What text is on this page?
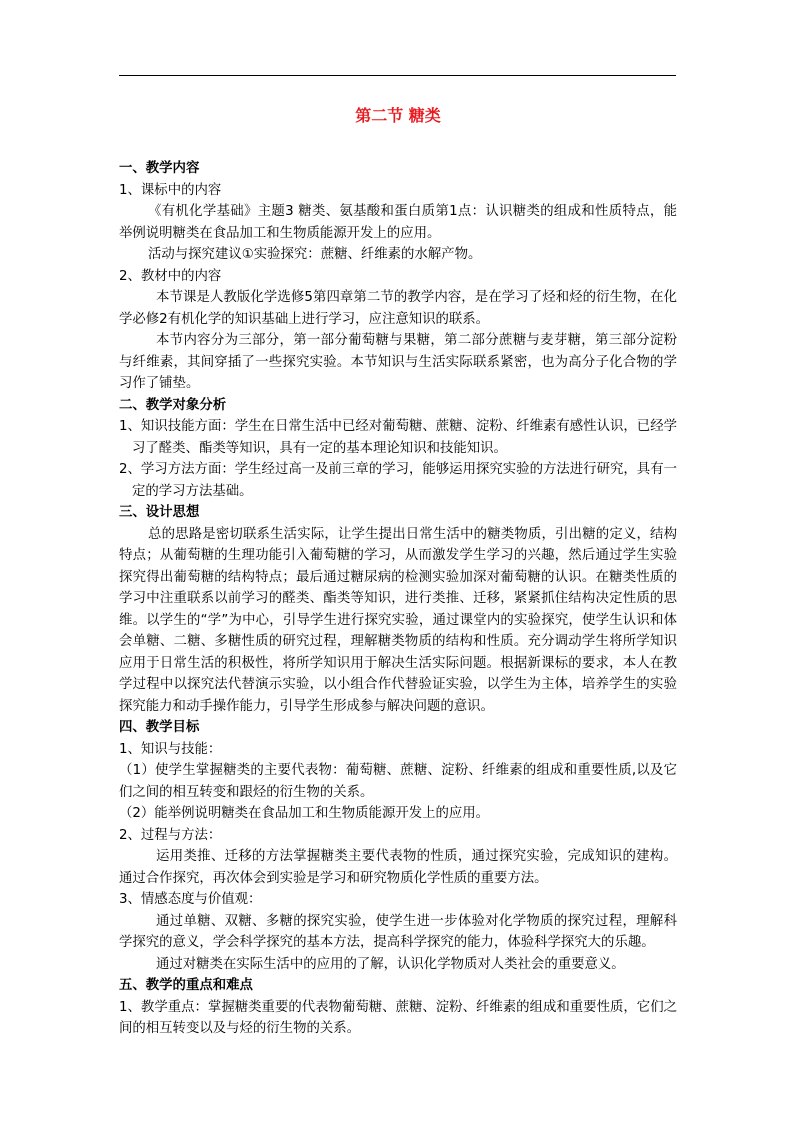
第二节 糖类
一、教学内容
1、课标中的内容
《有机化学基础》主题3 糖类、氨基酸和蛋白质第1点：认识糖类的组成和性质特点，能举例说明糖类在食品加工和生物质能源开发上的应用。
活动与探究建议①实验探究：蔗糖、纤维素的水解产物。
2、教材中的内容
本节课是人教版化学选修5第四章第二节的教学内容，是在学习了烃和烃的衍生物，在化学必修2有机化学的知识基础上进行学习，应注意知识的联系。
本节内容分为三部分，第一部分葡萄糖与果糖，第二部分蔗糖与麦芽糖，第三部分淀粉与纤维素，其间穿插了一些探究实验。本节知识与生活实际联系紧密，也为高分子化合物的学习作了铺垫。
二、教学对象分析
1、知识技能方面：学生在日常生活中已经对葡萄糖、蔗糖、淀粉、纤维素有感性认识，已经学习了醛类、酯类等知识，具有一定的基本理论知识和技能知识。
2、学习方法方面：学生经过高一及前三章的学习，能够运用探究实验的方法进行研究，具有一定的学习方法基础。
三、设计思想
总的思路是密切联系生活实际，让学生提出日常生活中的糖类物质，引出糖的定义，结构特点；从葡萄糖的生理功能引入葡萄糖的学习，从而激发学生学习的兴趣，然后通过学生实验探究得出葡萄糖的结构特点；最后通过糖尿病的检测实验加深对葡萄糖的认识。在糖类性质的学习中注重联系以前学习的醛类、酯类等知识，进行类推、迁移，紧紧抓住结构决定性质的思维。以学生的“学”为中心，引导学生进行探究实验，通过课堂内的实验探究，使学生认识和体会单糖、二糖、多糖性质的研究过程，理解糖类物质的结构和性质。充分调动学生将所学知识应用于日常生活的积极性，将所学知识用于解决生活实际问题。根据新课标的要求，本人在教学过程中以探究法代替演示实验，以小组合作代替验证实验，以学生为主体，培养学生的实验探究能力和动手操作能力，引导学生形成参与解决问题的意识。
四、教学目标
1、知识与技能：
（1）使学生掌握糖类的主要代表物：葡萄糖、蔗糖、淀粉、纤维素的组成和重要性质,以及它们之间的相互转变和跟烃的衍生物的关系。
（2）能举例说明糖类在食品加工和生物质能源开发上的应用。
2、过程与方法：
运用类推、迁移的方法掌握糖类主要代表物的性质，通过探究实验，完成知识的建构。通过合作探究，再次体会到实验是学习和研究物质化学性质的重要方法。
3、情感态度与价值观：
通过单糖、双糖、多糖的探究实验，使学生进一步体验对化学物质的探究过程，理解科学探究的意义，学会科学探究的基本方法，提高科学探究的能力，体验科学探究大的乐趣。
通过对糖类在实际生活中的应用的了解，认识化学物质对人类社会的重要意义。
五、教学的重点和难点
1、教学重点：掌握糖类重要的代表物葡萄糖、蔗糖、淀粉、纤维素的组成和重要性质，它们之间的相互转变以及与烃的衍生物的关系。
